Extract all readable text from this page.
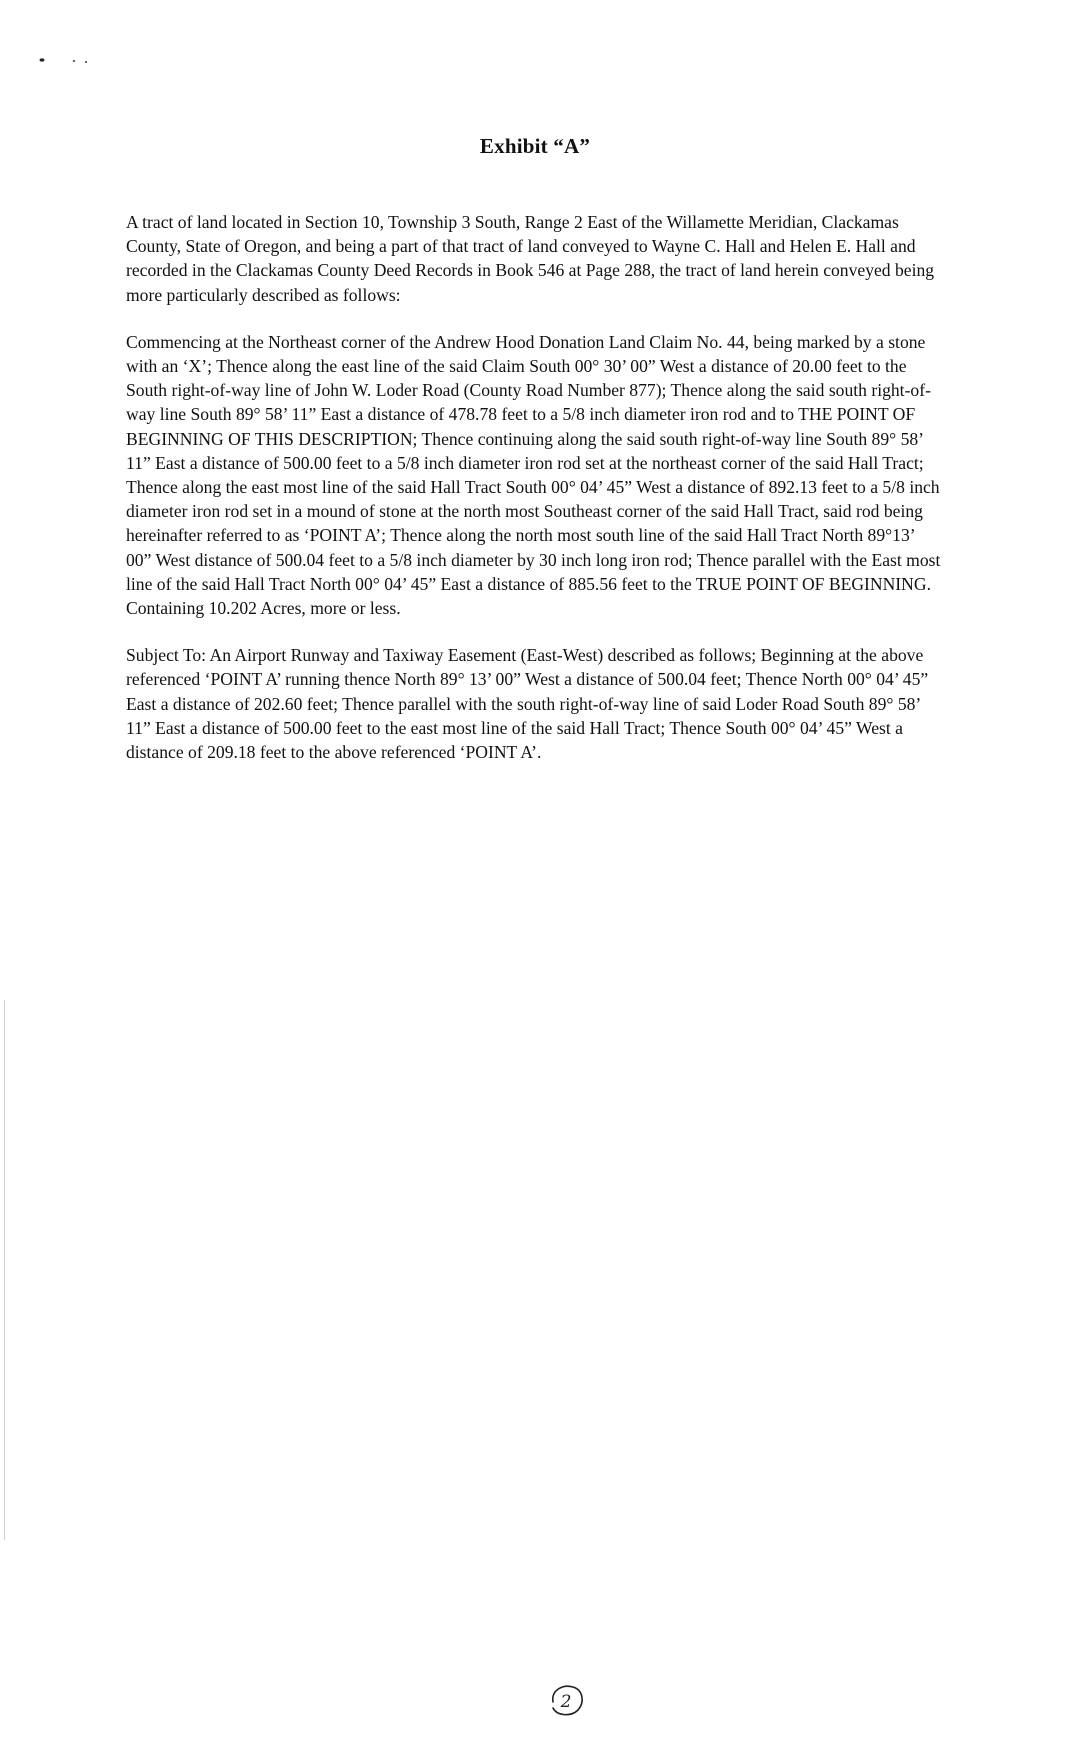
Exhibit “A”

A tract of land located in Section 10, Township 3 South, Range 2 East of the Willamette Meridian, Clackamas County, State of Oregon, and being a part of that tract of land conveyed to Wayne C. Hall and Helen E. Hall and recorded in the Clackamas County Deed Records in Book 546 at Page 288, the tract of land herein conveyed being more particularly described as follows:

Commencing at the Northeast corner of the Andrew Hood Donation Land Claim No. 44, being marked by a stone with an ‘X’; Thence along the east line of the said Claim South 00° 30’ 00” West a distance of 20.00 feet to the South right-of-way line of John W. Loder Road (County Road Number 877); Thence along the said south right-of-way line South 89° 58’ 11” East a distance of 478.78 feet to a 5/8 inch diameter iron rod and to THE POINT OF BEGINNING OF THIS DESCRIPTION; Thence continuing along the said south right-of-way line South 89° 58’ 11” East a distance of 500.00 feet to a 5/8 inch diameter iron rod set at the northeast corner of the said Hall Tract; Thence along the east most line of the said Hall Tract South 00° 04’ 45” West a distance of 892.13 feet to a 5/8 inch diameter iron rod set in a mound of stone at the north most Southeast corner of the said Hall Tract, said rod being hereinafter referred to as ‘POINT A’; Thence along the north most south line of the said Hall Tract North 89°13’ 00” West distance of 500.04 feet to a 5/8 inch diameter by 30 inch long iron rod; Thence parallel with the East most line of the said Hall Tract North 00° 04’ 45” East a distance of 885.56 feet to the TRUE POINT OF BEGINNING. Containing 10.202 Acres, more or less.

Subject To: An Airport Runway and Taxiway Easement (East-West) described as follows; Beginning at the above referenced ‘POINT A’ running thence North 89° 13’ 00” West a distance of 500.04 feet; Thence North 00° 04’ 45” East a distance of 202.60 feet; Thence parallel with the south right-of-way line of said Loder Road South 89° 58’ 11” East a distance of 500.00 feet to the east most line of the said Hall Tract; Thence South 00° 04’ 45” West a distance of 209.18 feet to the above referenced ‘POINT A’.

2
